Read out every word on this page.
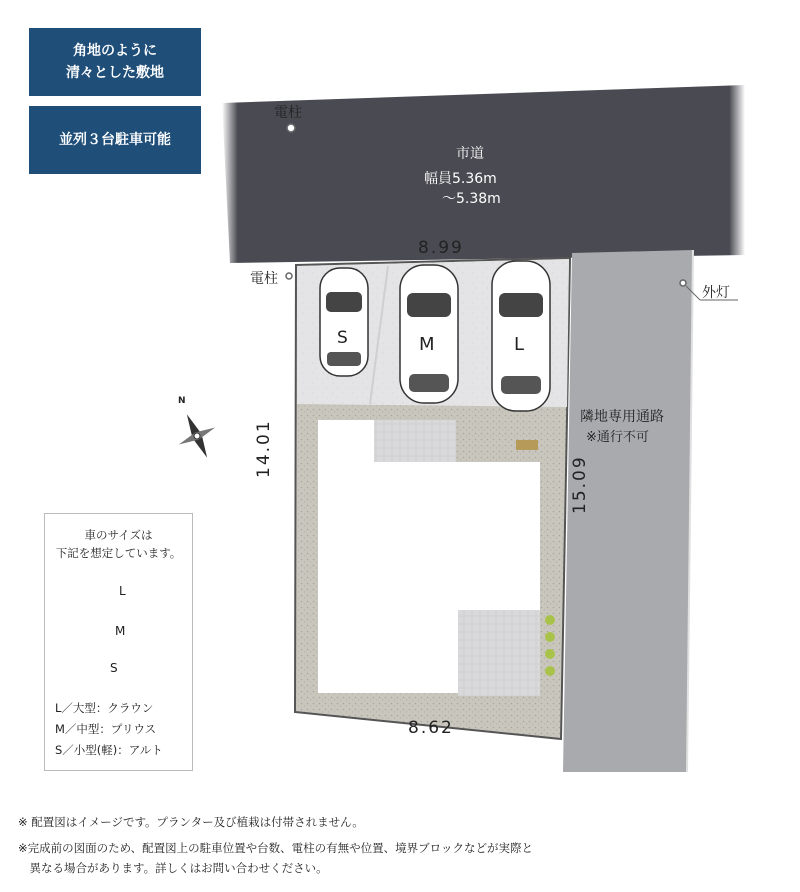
角地のように
清々とした敷地
並列３台駐車可能
市道
幅員5.36m
〜5.38m
電柱
電柱
外灯
隣地専用通路
※通行不可
S	M	L
8.99
8.62
14.01
15.09
N
車のサイズは
下記を想定しています。
L／大型：クラウン
M／中型：プリウス
S／小型(軽)：アルト
L
M
S
※ 配置図はイメージです。プランター及び植栽は付帯されません。
※完成前の図面のため、配置図上の駐車位置や台数、電柱の有無や位置、境界ブロックなどが実際と
　異なる場合があります。詳しくはお問い合わせください。
